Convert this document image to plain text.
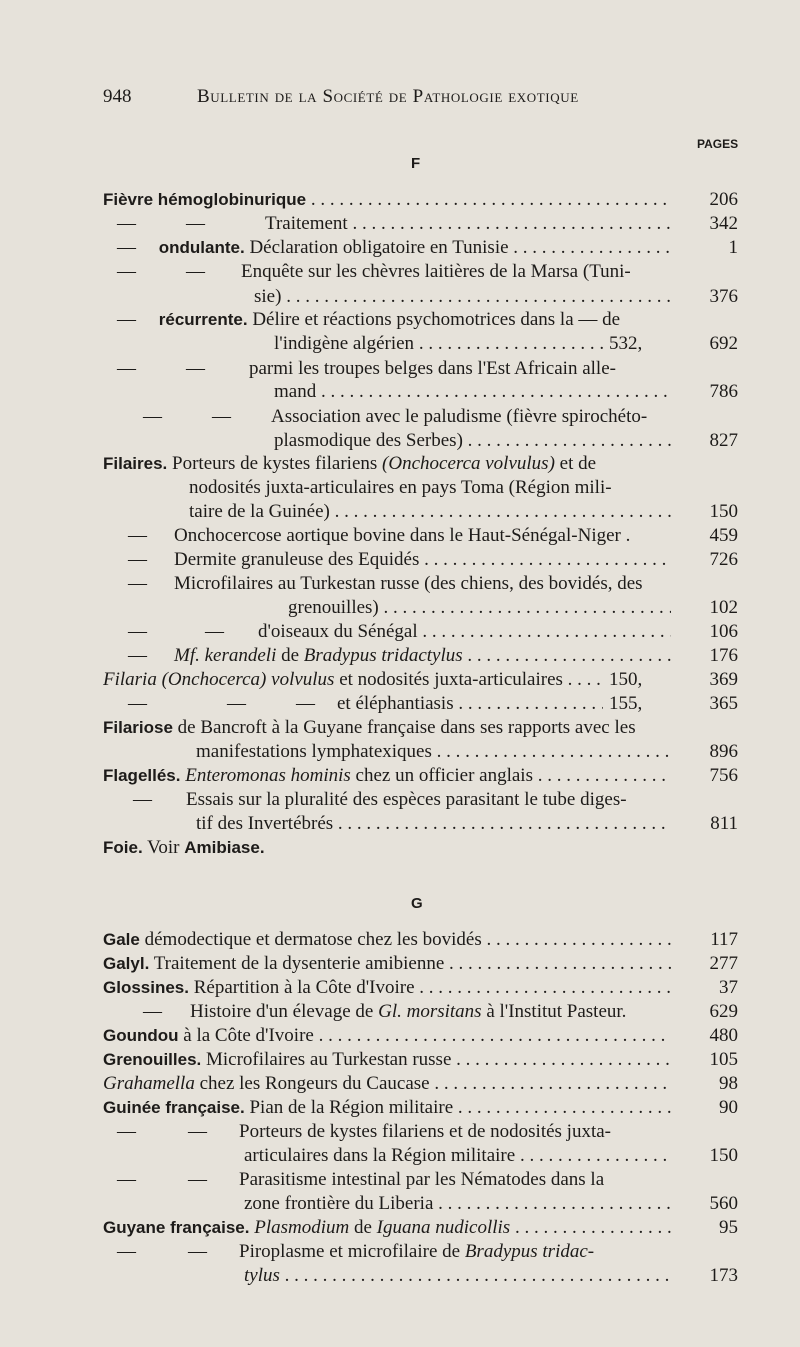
948	Bulletin de la Société de Pathologie exotique
PAGES
F
Fièvre hémoglobinurique . . .	206
—	—	Traitement . . .	342
— ondulante. Déclaration obligatoire en Tunisie . . .	1
—	— Enquête sur les chèvres laitières de la Marsa (Tuni-
sie) . . .	376
— récurrente. Délire et réactions psychomotrices dans la — de
l'indigène algérien . . .	532,	692
—	— parmi les troupes belges dans l'Est Africain alle-
mand . . .	786
—	— Association avec le paludisme (fièvre spirochéto-
plasmodique des Serbes) . . .	827
Filaires. Porteurs de kystes filariens (Onchocerca volvulus) et de
nodosités juxta-articulaires en pays Toma (Région mili-
taire de la Guinée) . . .	150
— Onchocercose aortique bovine dans le Haut-Sénégal-Niger .	459
— Dermite granuleuse des Equidés . . .	726
— Microfilaires au Turkestan russe (des chiens, des bovidés, des
grenouilles) . . .	102
—	— d'oiseaux du Sénégal . . .	106
— Mf. kerandeli de Bradypus tridactylus . . .	176
Filaria (Onchocerca) volvulus et nodosités juxta-articulaires . . .	150,	369
—	—	— et éléphantiasis . . .	155,	365
Filariose de Bancroft à la Guyane française dans ses rapports avec les
manifestations lymphatexiques . . .	896
Flagellés. Enteromonas hominis chez un officier anglais . . .	756
— Essais sur la pluralité des espèces parasitant le tube diges-
tif des Invertébrés . . .	811
Foie. Voir Amibiase.
G
Gale démodectique et dermatose chez les bovidés . . .	117
Galyl. Traitement de la dysenterie amibienne . . .	277
Glossines. Répartition à la Côte d'Ivoire . . .	37
— Histoire d'un élevage de Gl. morsitans à l'Institut Pasteur.	629
Goundou à la Côte d'Ivoire . . .	480
Grenouilles. Microfilaires au Turkestan russe . . .	105
Grahamella chez les Rongeurs du Caucase . . .	98
Guinée française. Pian de la Région militaire . . .	90
—	— Porteurs de kystes filariens et de nodosités juxta-
articulaires dans la Région militaire . . .	150
—	— Parasitisme intestinal par les Nématodes dans la
zone frontière du Liberia . . .	560
Guyane française. Plasmodium de Iguana nudicollis . . .	95
—	— Piroplasme et microfilaire de Bradypus tridac-
tylus . . .	173
